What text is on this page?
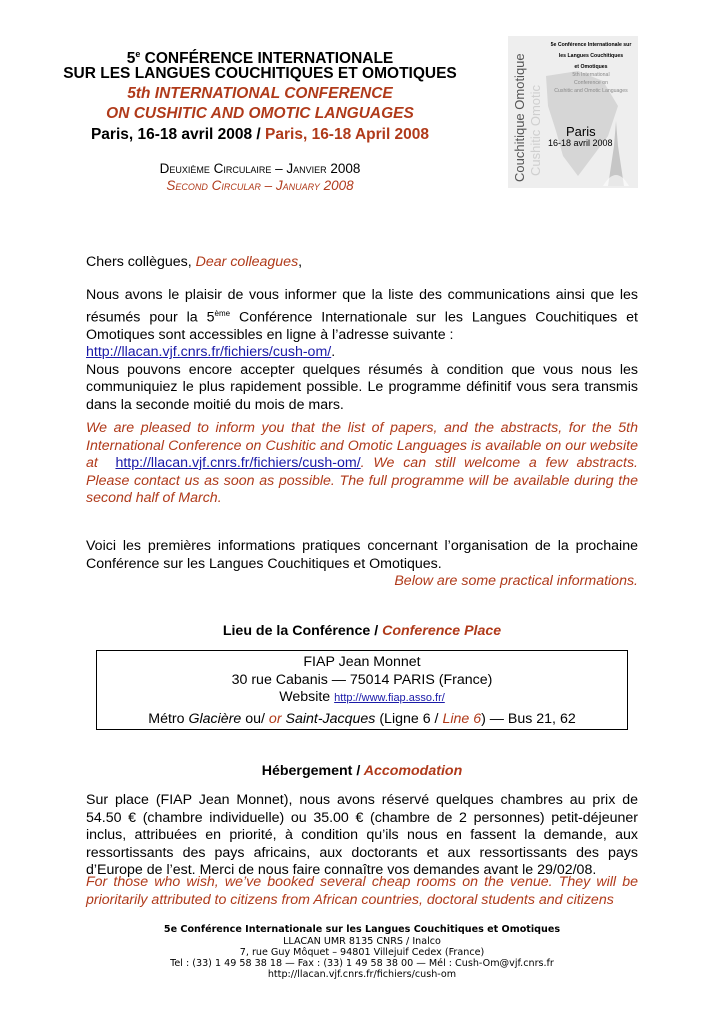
5e CONFÉRENCE INTERNATIONALE
SUR LES LANGUES COUCHITIQUES ET OMOTIQUES
5th INTERNATIONAL CONFERENCE
ON CUSHITIC AND OMOTIC LANGUAGES
Paris, 16-18 avril 2008 / Paris, 16-18 April 2008
Deuxième Circulaire – Janvier 2008
Second Circular – January 2008
Couchitique Omotique Cushitic Omotic
5e Conférence Internationale sur
les Langues Couchitiques
et Omotiques
5th International
Conference on
Cushitic and Omotic Languages
Paris
16-18 avril 2008
Chers collègues, Dear colleagues,
Nous avons le plaisir de vous informer que la liste des communications ainsi que les résumés pour la 5ème Conférence Internationale sur les Langues Couchitiques et Omotiques sont accessibles en ligne à l’adresse suivante :
http://llacan.vjf.cnrs.fr/fichiers/cush-om/.
Nous pouvons encore accepter quelques résumés à condition que vous nous les communiquiez le plus rapidement possible. Le programme définitif vous sera transmis dans la seconde moitié du mois de mars.
We are pleased to inform you that the list of papers, and the abstracts, for the 5th International Conference on Cushitic and Omotic Languages is available on our website at http://llacan.vjf.cnrs.fr/fichiers/cush-om/. We can still welcome a few abstracts. Please contact us as soon as possible. The full programme will be available during the second half of March.
Voici les premières informations pratiques concernant l’organisation de la prochaine Conférence sur les Langues Couchitiques et Omotiques.
Below are some practical informations.
Lieu de la Conférence / Conference Place
FIAP Jean Monnet
30 rue Cabanis — 75014 PARIS (France)
Website http://www.fiap.asso.fr/
Métro Glacière ou/ or Saint-Jacques (Ligne 6 / Line 6) — Bus 21, 62
Hébergement / Accomodation
Sur place (FIAP Jean Monnet), nous avons réservé quelques chambres au prix de 54.50 € (chambre individuelle) ou 35.00 € (chambre de 2 personnes) petit-déjeuner inclus, attribuées en priorité, à condition qu’ils nous en fassent la demande, aux ressortissants des pays africains, aux doctorants et aux ressortissants des pays d’Europe de l’est. Merci de nous faire connaître vos demandes avant le 29/02/08.
For those who wish, we’ve booked several cheap rooms on the venue. They will be prioritarily attributed to citizens from African countries, doctoral students and citizens
5e Conférence Internationale sur les Langues Couchitiques et Omotiques
LLACAN UMR 8135 CNRS / Inalco
7, rue Guy Môquet – 94801 Villejuif Cedex (France)
Tel : (33) 1 49 58 38 18 — Fax : (33) 1 49 58 38 00 — Mél : Cush-Om@vjf.cnrs.fr
http://llacan.vjf.cnrs.fr/fichiers/cush-om
